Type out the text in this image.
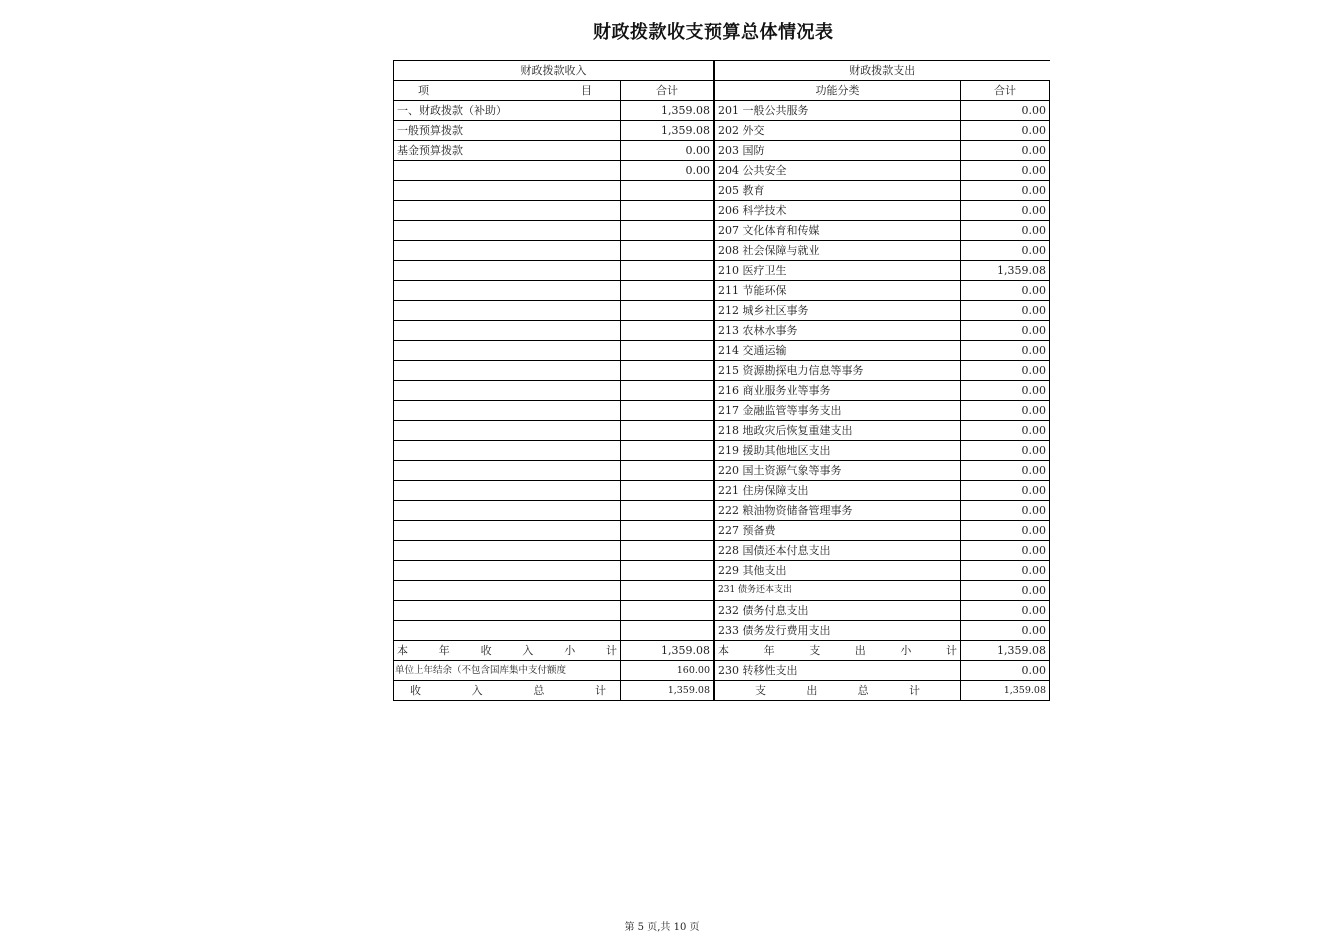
财政拨款收支预算总体情况表
财政拨款收入		财政拨款支出	
项 目	合计	功能分类	合计
一、财政拨款（补助）	1,359.08	201 一般公共服务	0.00
一般预算拨款	1,359.08	202 外交	0.00
基金预算拨款	0.00	203 国防	0.00
	0.00	204 公共安全	0.00
		205 教育	0.00
		206 科学技术	0.00
		207 文化体育和传媒	0.00
		208 社会保障与就业	0.00
		210 医疗卫生	1,359.08
		211 节能环保	0.00
		212 城乡社区事务	0.00
		213 农林水事务	0.00
		214 交通运输	0.00
		215 资源勘探电力信息等事务	0.00
		216 商业服务业等事务	0.00
		217 金融监管等事务支出	0.00
		218 地政灾后恢复重建支出	0.00
		219 援助其他地区支出	0.00
		220 国土资源气象等事务	0.00
		221 住房保障支出	0.00
		222 粮油物资储备管理事务	0.00
		227 预备费	0.00
		228 国债还本付息支出	0.00
		229 其他支出	0.00
		231 债务还本支出	0.00
		232 债务付息支出	0.00
		233 债务发行费用支出	0.00
本年收入小计	1,359.08	本年支出小计	1,359.08
单位上年结余（不包含国库集中支付额度	160.00	230 转移性支出	0.00
收入总计	1,359.08	支出总计	1,359.08
第 5 页,共 10 页
